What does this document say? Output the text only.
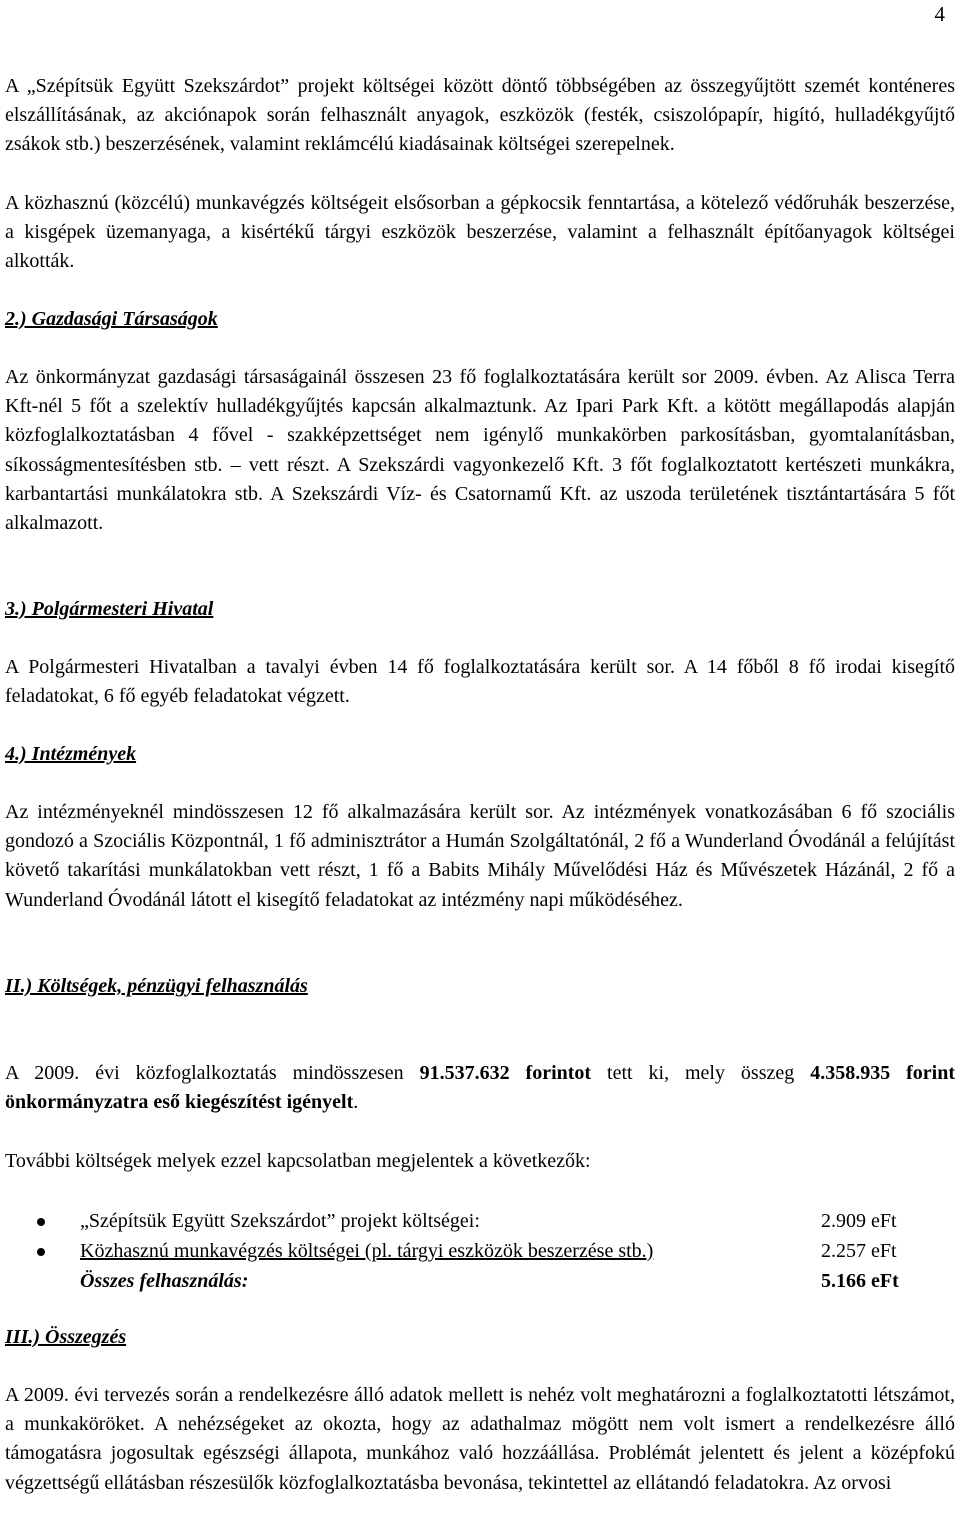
4

A „Szépítsük Együtt Szekszárdot” projekt költségei között döntő többségében az összegyűjtött szemét konténeres elszállításának, az akciónapok során felhasznált anyagok, eszközök (festék, csiszolópapír, higító, hulladékgyűjtő zsákok stb.) beszerzésének, valamint reklámcélú kiadásainak költségei szerepelnek.

A közhasznú (közcélú) munkavégzés költségeit elsősorban a gépkocsik fenntartása, a kötelező védőruhák beszerzése, a kisgépek üzemanyaga, a kisértékű tárgyi eszközök beszerzése, valamint a felhasznált építőanyagok költségei alkották.

2.) Gazdasági Társaságok

Az önkormányzat gazdasági társaságainál összesen 23 fő foglalkoztatására került sor 2009. évben. Az Alisca Terra Kft-nél 5 főt a szelektív hulladékgyűjtés kapcsán alkalmaztunk. Az Ipari Park Kft. a kötött megállapodás alapján közfoglalkoztatásban 4 fővel - szakképzettséget nem igénylő munkakörben parkosításban, gyomtalanításban, síkosságmentesítésben stb. – vett részt. A Szekszárdi vagyonkezelő Kft. 3 főt foglalkoztatott kertészeti munkákra, karbantartási munkálatokra stb. A Szekszárdi Víz- és Csatornamű Kft. az uszoda területének tisztántartására 5 főt alkalmazott.

3.) Polgármesteri Hivatal

A Polgármesteri Hivatalban a tavalyi évben 14 fő foglalkoztatására került sor. A 14 főből 8 fő irodai kisegítő feladatokat, 6 fő egyéb feladatokat végzett.

4.) Intézmények

Az intézményeknél mindösszesen 12 fő alkalmazására került sor. Az intézmények vonatkozásában 6 fő szociális gondozó a Szociális Központnál, 1 fő adminisztrátor a Humán Szolgáltatónál, 2 fő a Wunderland Óvodánál a felújítást követő takarítási munkálatokban vett részt, 1 fő a Babits Mihály Művelődési Ház és Művészetek Házánál, 2 fő a Wunderland Óvodánál látott el kisegítő feladatokat az intézmény napi működéséhez.

II.) Költségek, pénzügyi felhasználás

A 2009. évi közfoglalkoztatás mindösszesen 91.537.632 forintot tett ki, mely összeg 4.358.935 forint önkormányzatra eső kiegészítést igényelt.

További költségek melyek ezzel kapcsolatban megjelentek a következők:

„Szépítsük Együtt Szekszárdot” projekt költségei:	2.909 eFt
Közhasznú munkavégzés költségei (pl. tárgyi eszközök beszerzése stb.)	2.257 eFt
Összes felhasználás:	5.166 eFt

III.) Összegzés

A 2009. évi tervezés során a rendelkezésre álló adatok mellett is nehéz volt meghatározni a foglalkoztatotti létszámot, a munkaköröket. A nehézségeket az okozta, hogy az adathalmaz mögött nem volt ismert a rendelkezésre álló támogatásra jogosultak egészségi állapota, munkához való hozzáállása. Problémát jelentett és jelent a középfokú végzettségű ellátásban részesülők közfoglalkoztatásba bevonása, tekintettel az ellátandó feladatokra. Az orvosi
